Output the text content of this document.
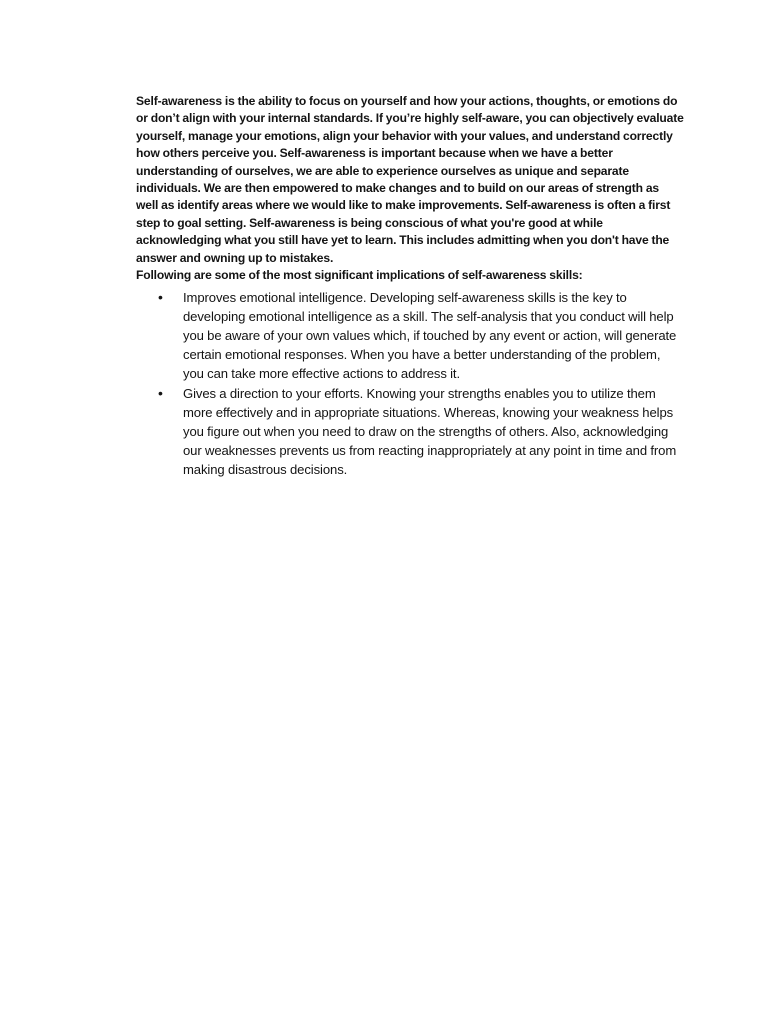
Self-awareness is the ability to focus on yourself and how your actions, thoughts, or emotions do or don’t align with your internal standards. If you’re highly self-aware, you can objectively evaluate yourself, manage your emotions, align your behavior with your values, and understand correctly how others perceive you. Self-awareness is important because when we have a better understanding of ourselves, we are able to experience ourselves as unique and separate individuals. We are then empowered to make changes and to build on our areas of strength as well as identify areas where we would like to make improvements. Self-awareness is often a first step to goal setting. Self-awareness is being conscious of what you're good at while acknowledging what you still have yet to learn. This includes admitting when you don't have the answer and owning up to mistakes.

Following are some of the most significant implications of self-awareness skills:

• Improves emotional intelligence. Developing self-awareness skills is the key to developing emotional intelligence as a skill. The self-analysis that you conduct will help you be aware of your own values which, if touched by any event or action, will generate certain emotional responses. When you have a better understanding of the problem, you can take more effective actions to address it.
• Gives a direction to your efforts. Knowing your strengths enables you to utilize them more effectively and in appropriate situations. Whereas, knowing your weakness helps you figure out when you need to draw on the strengths of others. Also, acknowledging our weaknesses prevents us from reacting inappropriately at any point in time and from making disastrous decisions.
